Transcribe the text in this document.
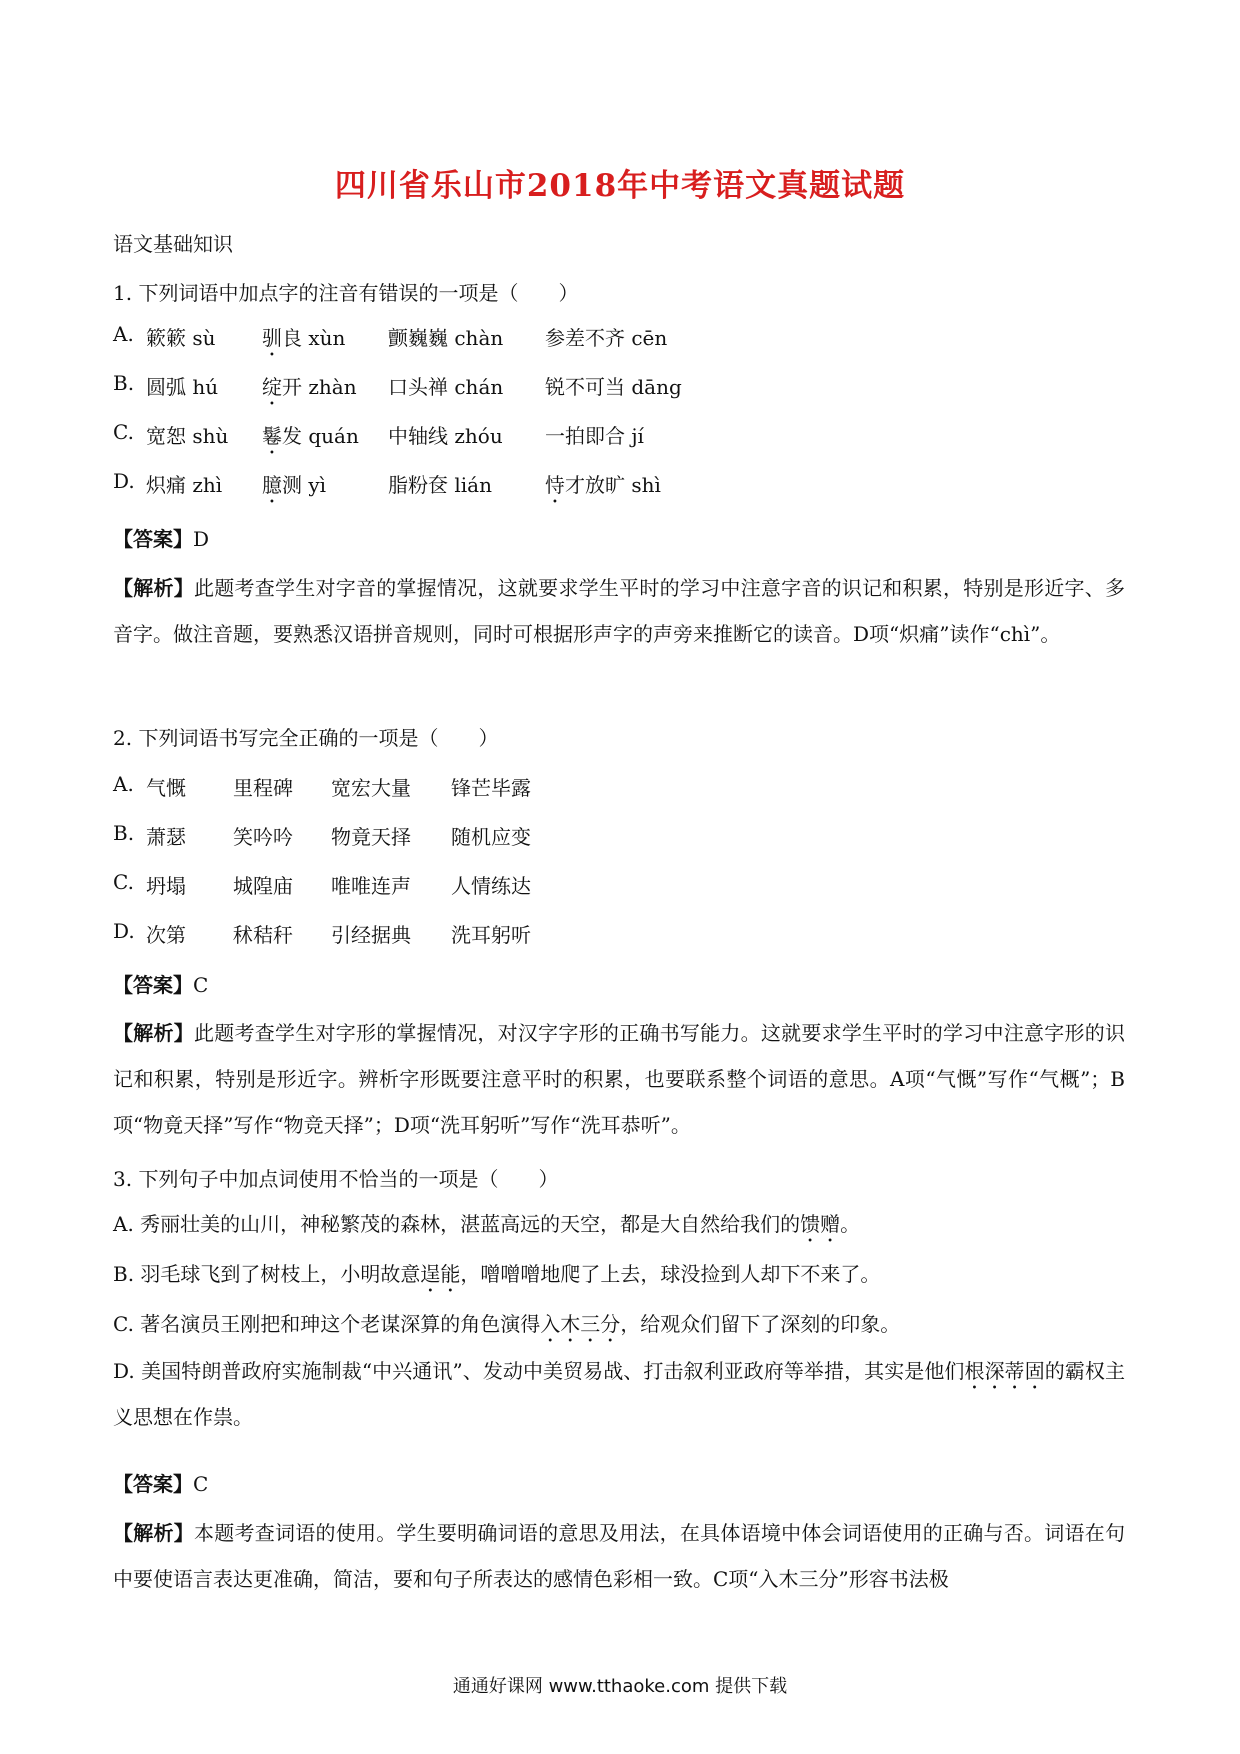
四川省乐山市2018年中考语文真题试题
语文基础知识
1. 下列词语中加点字的注音有错误的一项是（　　）
A. 簌簌 sù 驯良 xùn 颤巍巍 chàn 参差不齐 cēn
B. 圆弧 hú 绽开 zhàn 口头禅 chán 锐不可当 dāng
C. 宽恕 shù 鬈发 quán 中轴线 zhóu 一拍即合 jí
D. 炽痛 zhì 臆测 yì	脂粉奁 lián	恃才放旷 shì
【答案】D
【解析】此题考查学生对字音的掌握情况，这就要求学生平时的学习中注意字音的识记和积累，特别是形近字、多音字。做注音题，要熟悉汉语拼音规则，同时可根据形声字的声旁来推断它的读音。D项“炽痛”读作“chì”。
2. 下列词语书写完全正确的一项是（　　）
A. 气慨 里程碑 宽宏大量 锋芒毕露
B. 萧瑟 笑吟吟 物竟天择 随机应变
C. 坍塌 城隍庙 唯唯连声 人情练达
D. 次第 秫秸秆 引经据典 洗耳躬听
【答案】C
【解析】此题考查学生对字形的掌握情况，对汉字字形的正确书写能力。这就要求学生平时的学习中注意字形的识记和积累，特别是形近字。辨析字形既要注意平时的积累，也要联系整个词语的意思。A项“气慨”写作“气概”；B项“物竟天择”写作“物竞天择”；D项“洗耳躬听”写作“洗耳恭听”。
3. 下列句子中加点词使用不恰当的一项是（　　）
A. 秀丽壮美的山川，神秘繁茂的森林，湛蓝高远的天空，都是大自然给我们的馈赠。
B. 羽毛球飞到了树枝上，小明故意逞能，噌噌噌地爬了上去，球没捡到人却下不来了。
C. 著名演员王刚把和珅这个老谋深算的角色演得入木三分，给观众们留下了深刻的印象。
D. 美国特朗普政府实施制裁“中兴通讯”、发动中美贸易战、打击叙利亚政府等举措，其实是他们根深蒂固的霸权主义思想在作祟。
【答案】C
【解析】本题考查词语的使用。学生要明确词语的意思及用法，在具体语境中体会词语使用的正确与否。词语在句中要使语言表达更准确，简洁，要和句子所表达的感情色彩相一致。C项“入木三分”形容书法极
通通好课网 www.tthaoke.com 提供下载
